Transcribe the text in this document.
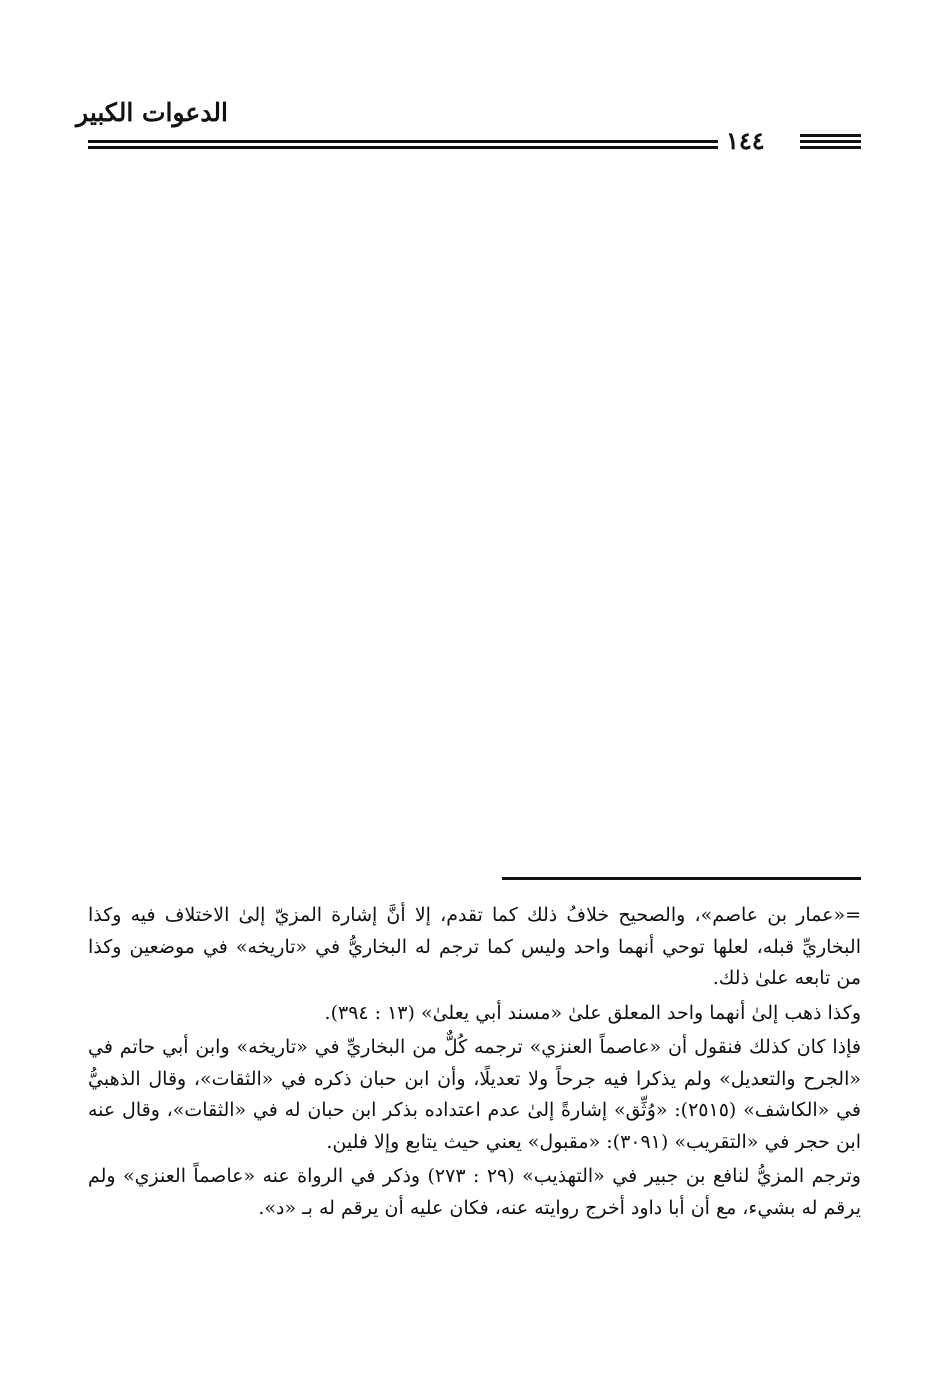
الدعوات الكبير
١٤٤

=«عمار بن عاصم»، والصحيح خلافُ ذلك كما تقدم، إلا أنَّ إشارة المزيّ إلىٰ الاختلاف فيه وكذا البخاريِّ قبله، لعلها توحي أنهما واحد وليس كما ترجم له البخاريُّ في «تاريخه» في موضعين وكذا من تابعه علىٰ ذلك.

وكذا ذهب إلىٰ أنهما واحد المعلق علىٰ «مسند أبي يعلىٰ» (١٣ : ٣٩٤).

فإذا كان كذلك فنقول أن «عاصماً العنزي» ترجمه كُلٌّ من البخاريِّ في «تاريخه» وابن أبي حاتم في «الجرح والتعديل» ولم يذكرا فيه جرحاً ولا تعديلًا، وأن ابن حبان ذكره في «الثقات»، وقال الذهبيُّ في «الكاشف» (٢٥١٥): «وُثِّق» إشارةً إلىٰ عدم اعتداده بذكر ابن حبان له في «الثقات»، وقال عنه ابن حجر في «التقريب» (٣٠٩١): «مقبول» يعني حيث يتابع وإلا فلين.

وترجم المزيُّ لنافع بن جبير في «التهذيب» (٢٩ : ٢٧٣) وذكر في الرواة عنه «عاصماً العنزي» ولم يرقم له بشيء، مع أن أبا داود أخرج روايته عنه، فكان عليه أن يرقم له بـ «د».
